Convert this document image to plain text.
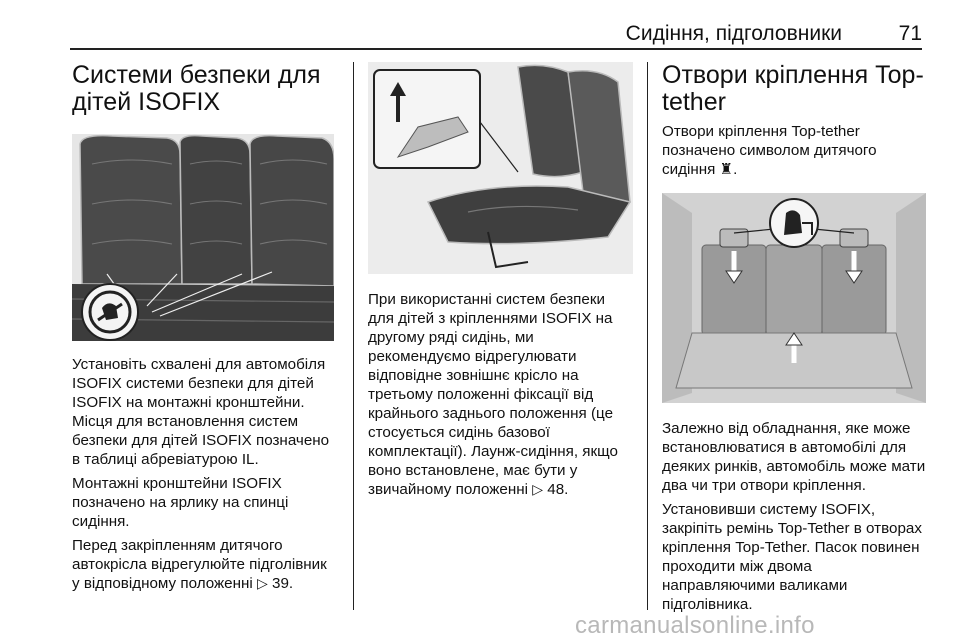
Сидіння, підголовники	71
Системи безпеки для
дітей ISOFIX

Установіть схвалені для автомобіля ISOFIX системи безпеки для дітей ISOFIX на монтажні кронштейни. Місця для встановлення систем безпеки для дітей ISOFIX позначено в таблиці абревіатурою IL.

Монтажні кронштейни ISOFIX позначено на ярлику на спинці сидіння.

Перед закріпленням дитячого автокрісла відрегулюйте підголівник у відповідному положенні ▷ 39.

При використанні систем безпеки для дітей з кріпленнями ISOFIX на другому ряді сидінь, ми рекомендуємо відрегулювати відповідне зовнішнє крісло на третьому положенні фіксації від крайнього заднього положення (це стосується сидінь базової комплектації). Лаунж-сидіння, якщо воно встановлене, має бути у звичайному положенні ▷ 48.

Отвори кріплення Top-
tether

Отвори кріплення Top-tether позначено символом дитячого сидіння ♜.

Залежно від обладнання, яке може встановлюватися в автомобілі для деяких ринків, автомобіль може мати два чи три отвори кріплення.

Установивши систему ISOFIX, закріпіть ремінь Top-Tether в отворах кріплення Top-Tether. Пасок повинен проходити між двома направляючими валиками підголівника.

carmanualsonline.info
